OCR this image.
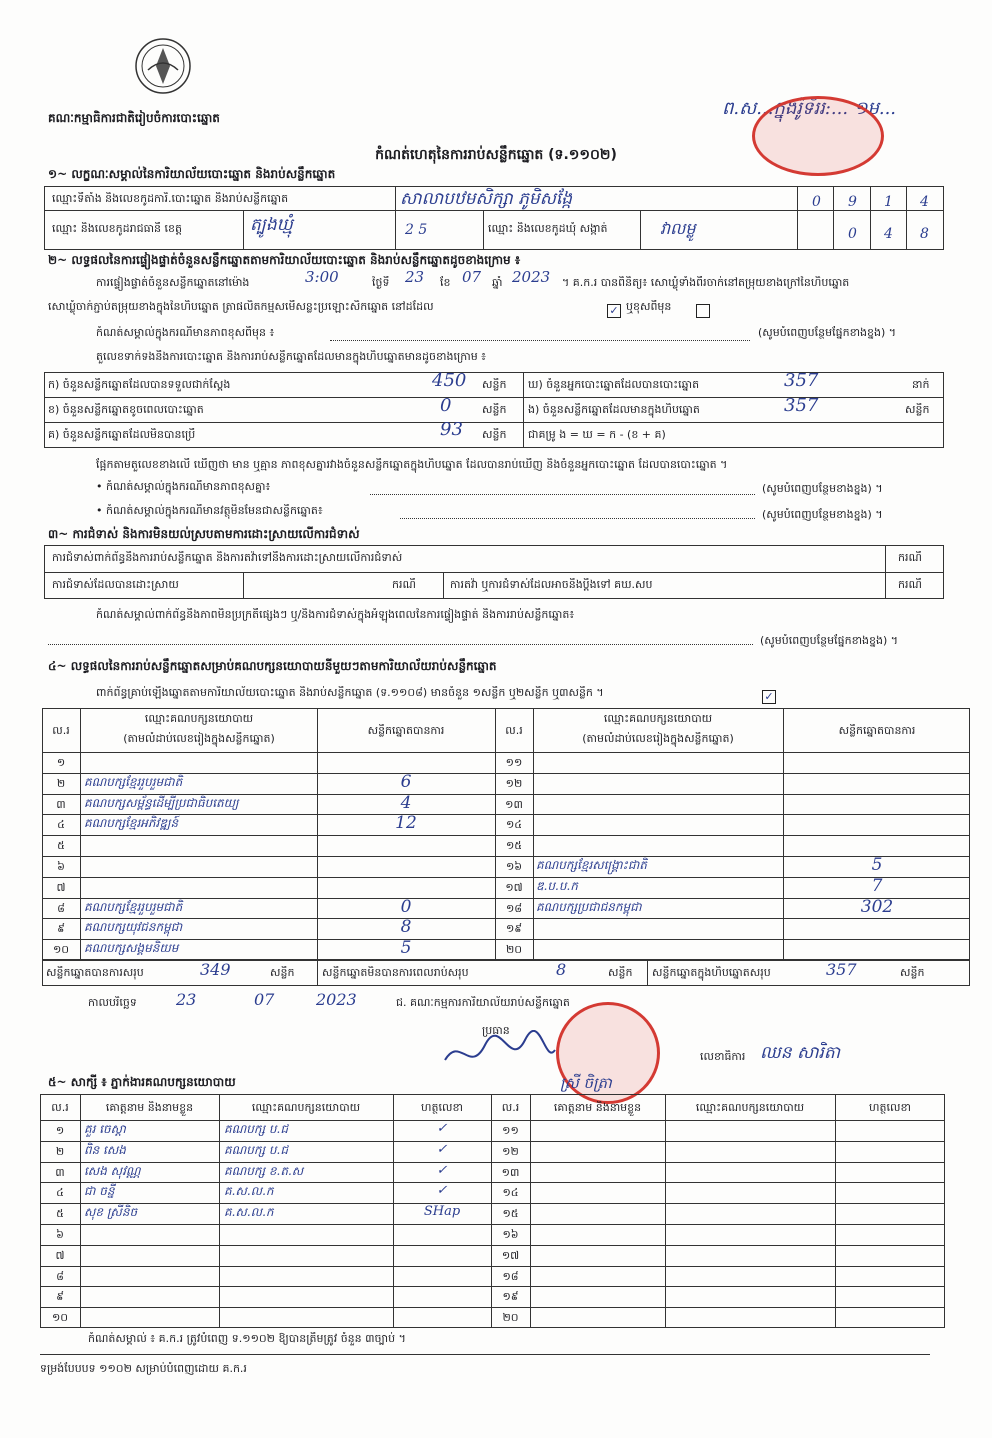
គណៈកម្មាធិការជាតិរៀបចំការបោះឆ្នោត	ព.ស...ក្នុងរ៉ូទ័ររ:... ១ម...
កំណត់ហេតុនៃការរាប់សន្លឹកឆ្នោត (ទ.១១០២)
១~ លក្ខណៈសម្គាល់នៃការិយាល័យបោះឆ្នោត និងរាប់សន្លឹកឆ្នោត
ឈ្មោះទីតាំង និងលេខកូដការិ.បោះឆ្នោត និងរាប់សន្លឹកឆ្នោត	សាលាបឋមសិក្សា ភូមិសង្កែ	0 9 1 4
ឈ្មោះ និងលេខកូដរាជធានី ខេត្ត	ត្បូងឃ្មុំ	2 5	ឈ្មោះ និងលេខកូដឃុំ សង្កាត់	វាលម្លូ	0 4 8
២~ លទ្ធផលនៃការផ្ទៀងផ្ទាត់ចំនួនសន្លឹកឆ្នោតតាមការិយាល័យបោះឆ្នោត និងរាប់សន្លឹកឆ្នោតដូចខាងក្រោម ៖
ការផ្ទៀងផ្ទាត់ចំនួនសន្លឹកឆ្នោតនៅម៉ោង	3:00	ថ្ងៃទី 23 ខែ 07 ឆ្នាំ 2023 ។ គ.ក.រ បានពិនិត្យ៖ សោឃ្លុំទាំងពីរចាក់នៅតម្រុយខាងក្រៅនៃហិបឆ្នោត
សោឃ្លុំចាក់ភ្ជាប់តម្រុយខាងក្នុងនៃហិបឆ្នោត ត្រាផលិតកម្មសមើសន្លះប្រឡោះសិកឆ្នោត នៅដដែល	✓ ឬខុសពីមុន
កំណត់សម្គាល់ក្នុងករណីមានភាពខុសពីមុន ៖	(សូមបំពេញបន្ថែមផ្នែកខាងខ្នង) ។
តួលេខទាក់ទងនឹងការបោះឆ្នោត និងការរាប់សន្លឹកឆ្នោតដែលមានក្នុងហិបឆ្នោតមានដូចខាងក្រោម ៖
ក) ចំនួនសន្លឹកឆ្នោតដែលបានទទួលជាក់ស្តែង	450 សន្លឹក
ខ) ចំនួនសន្លឹកឆ្នោតខូចពេលបោះឆ្នោត	0	សន្លឹក
គ) ចំនួនសន្លឹកឆ្នោតដែលមិនបានប្រើ	93 សន្លឹក
ឃ) ចំនួនអ្នកបោះឆ្នោតដែលបានបោះឆ្នោត	357	នាក់
ង) ចំនួនសន្លឹកឆ្នោតដែលមានក្នុងហិបឆ្នោត	357	សន្លឹក
ជាគម្រូ ង = ឃ = ក - (ខ + គ)
ផ្អែកតាមតួលេខខាងលើ ឃើញថា មាន ឬគ្មាន ភាពខុសគ្នារវាងចំនួនសន្លឹកឆ្នោតក្នុងហិបឆ្នោត ដែលបានរាប់ឃើញ និងចំនួនអ្នកបោះឆ្នោត ដែលបានបោះឆ្នោត ។
• កំណត់សម្គាល់ក្នុងករណីមានភាពខុសគ្នា៖	(សូមបំពេញបន្ថែមខាងខ្នង) ។
• កំណត់សម្គាល់ក្នុងករណីមានវត្ថុមិនមែនជាសន្លឹកឆ្នោត៖	(សូមបំពេញបន្ថែមខាងខ្នង) ។
៣~ ការជំទាស់ និងការមិនយល់ស្របតាមការដោះស្រាយលើការជំទាស់
ការជំទាស់ពាក់ព័ន្ធនឹងការរាប់សន្លឹកឆ្នោត និងការតវ៉ាទៅនឹងការដោះស្រាយលើការជំទាស់	ករណី
ការជំទាស់ដែលបានដោះស្រាយ	ករណី	ការតវ៉ា ឬការជំទាស់ដែលអាចនឹងប្ដឹងទៅ គឃ.សប	ករណី
កំណត់សម្គាល់ពាក់ព័ន្ធនឹងភាពមិនប្រក្រតីផ្សេងៗ ឬ/និងការជំទាស់ក្នុងអំឡុងពេលនៃការផ្ទៀងផ្ទាត់ និងការរាប់សន្លឹកឆ្នោត៖
(សូមបំពេញបន្ថែមផ្នែកខាងខ្នង) ។
៤~ លទ្ធផលនៃការរាប់សន្លឹកឆ្នោតសម្រាប់គណបក្សនយោបាយនីមួយៗតាមការិយាល័យរាប់សន្លឹកឆ្នោត
ពាក់ព័ន្ធគ្រាប់ឡើងឆ្នោតតាមការិយាល័យបោះឆ្នោត និងរាប់សន្លឹកឆ្នោត (ទ.១១០៨) មានចំនួន ១សន្លឹក ឬ២សន្លឹក ឬ៣សន្លឹក ។	✓
ល.រ
ឈ្មោះគណបក្សនយោបាយ
(តាមលំដាប់លេខរៀងក្នុងសន្លឹកឆ្នោត)
សន្លឹកឆ្នោតបានការ	ល.រ
ឈ្មោះគណបក្សនយោបាយ
(តាមលំដាប់លេខរៀងក្នុងសន្លឹកឆ្នោត)
សន្លឹកឆ្នោតបានការ
១	១១
២	គណបក្សខ្មែររួបរួមជាតិ	6	១២
៣	គណបក្សសម្ព័ន្ធដើម្បីប្រជាធិបតេយ្យ	4	១៣
៤	គណបក្សខ្មែរអភិវឌ្ឍន៍	12	១៤
៥	១៥
៦	១៦	គណបក្សខ្មែរសង្គ្រោះជាតិ	5
៧	១៧	ឌ.ប.ប.ក	7
៨	គណបក្សខ្មែររួបរួមជាតិ	0	១៨	គណបក្សប្រជាជនកម្ពុជា	302
៩	គណបក្សយុវជនកម្ពុជា	8	១៩
១០	គណបក្សសង្គមនិយម	5	២០
សន្លឹកឆ្នោតបានការសរុប	349	សន្លឹក	សន្លឹកឆ្នោតមិនបានការពេលរាប់សរុប	8	សន្លឹក សន្លឹកឆ្នោតក្នុងហិបឆ្នោតសរុប	357	សន្លឹក
កាលបរិច្ឆេទ 23	07	2023	ជ. គណៈកម្មការការិយាល័យរាប់សន្លឹកឆ្នោត
ប្រធាន
ស្រី ចិត្រា
លេខាធិការ ឈន សារិតា
៥~ សាក្សី ៖ ភ្នាក់ងារគណបក្សនយោបាយ
ល.រ	គោត្តនាម និងនាមខ្លួន	ឈ្មោះគណបក្សនយោបាយ	ហត្ថលេខា	ល.រ	គោត្តនាម និងនាមខ្លួន	ឈ្មោះគណបក្សនយោបាយ	ហត្ថលេខា
១	គួរ ចេស្តា	គណបក្ស ប.ជ	✓	១១
២	ពិន សេង	គណបក្ស ប.ជ	✓	១២
៣	សេង សុវណ្ណ	គណបក្ស ខ.ត.ស	✓	១៣
៤	ជា ចន្នី	គ.ស.ល.ក	✓	១៤
៥	សុខ ស្រីនិច	គ.ស.ល.ក	SHap	១៥
៦	១៦
៧	១៧
៨	១៨
៩	១៩
១០	២០
កំណត់សម្គាល់ ៖ គ.ក.រ ត្រូវបំពេញ ទ.១១០២ ឱ្យបានត្រឹមត្រូវ ចំនួន ៣ច្បាប់ ។
ទម្រង់បែបបទ ១១០២ សម្រាប់បំពេញដោយ គ.ក.រ
